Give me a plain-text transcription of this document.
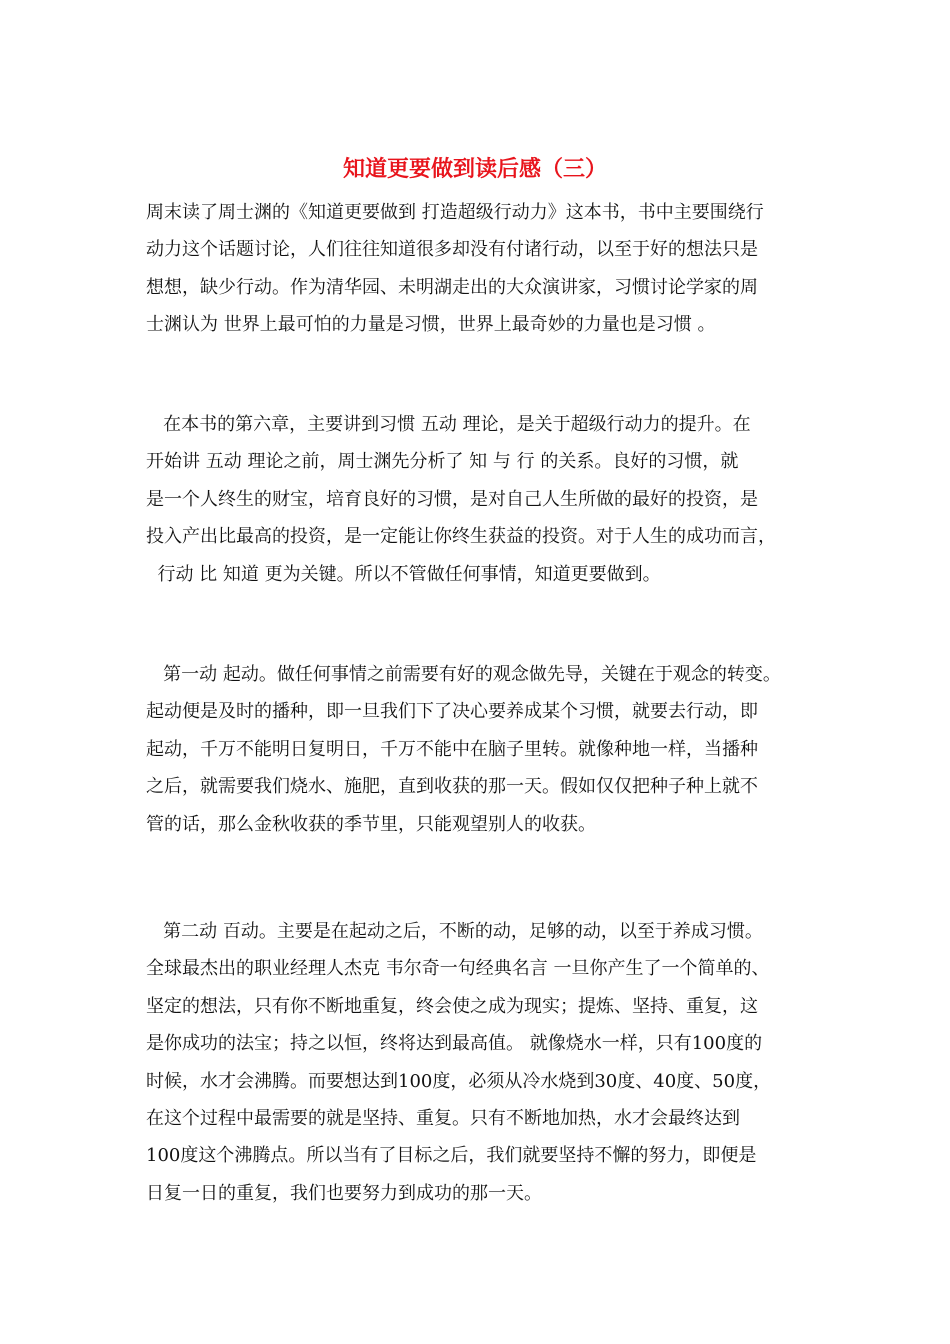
知道更要做到读后感（三）
周末读了周士渊的《知道更要做到 打造超级行动力》这本书，书中主要围绕行
动力这个话题讨论，人们往往知道很多却没有付诸行动，以至于好的想法只是
想想，缺少行动。作为清华园、未明湖走出的大众演讲家，习惯讨论学家的周
士渊认为 世界上最可怕的力量是习惯，世界上最奇妙的力量也是习惯 。
在本书的第六章，主要讲到习惯 五动 理论，是关于超级行动力的提升。在
开始讲 五动 理论之前，周士渊先分析了 知 与 行 的关系。良好的习惯，就
是一个人终生的财宝，培育良好的习惯，是对自己人生所做的最好的投资，是
投入产出比最高的投资，是一定能让你终生获益的投资。对于人生的成功而言，
行动 比 知道 更为关键。所以不管做任何事情，知道更要做到。
第一动 起动。做任何事情之前需要有好的观念做先导，关键在于观念的转变。
起动便是及时的播种，即一旦我们下了决心要养成某个习惯，就要去行动，即
起动，千万不能明日复明日，千万不能中在脑子里转。就像种地一样，当播种
之后，就需要我们烧水、施肥，直到收获的那一天。假如仅仅把种子种上就不
管的话，那么金秋收获的季节里，只能观望别人的收获。
第二动 百动。主要是在起动之后，不断的动，足够的动，以至于养成习惯。
全球最杰出的职业经理人杰克 韦尔奇一句经典名言 一旦你产生了一个简单的、
坚定的想法，只有你不断地重复，终会使之成为现实；提炼、坚持、重复，这
是你成功的法宝；持之以恒，终将达到最高值。 就像烧水一样，只有100度的
时候，水才会沸腾。而要想达到100度，必须从冷水烧到30度、40度、50度，
在这个过程中最需要的就是坚持、重复。只有不断地加热，水才会最终达到
100度这个沸腾点。所以当有了目标之后，我们就要坚持不懈的努力，即便是
日复一日的重复，我们也要努力到成功的那一天。
